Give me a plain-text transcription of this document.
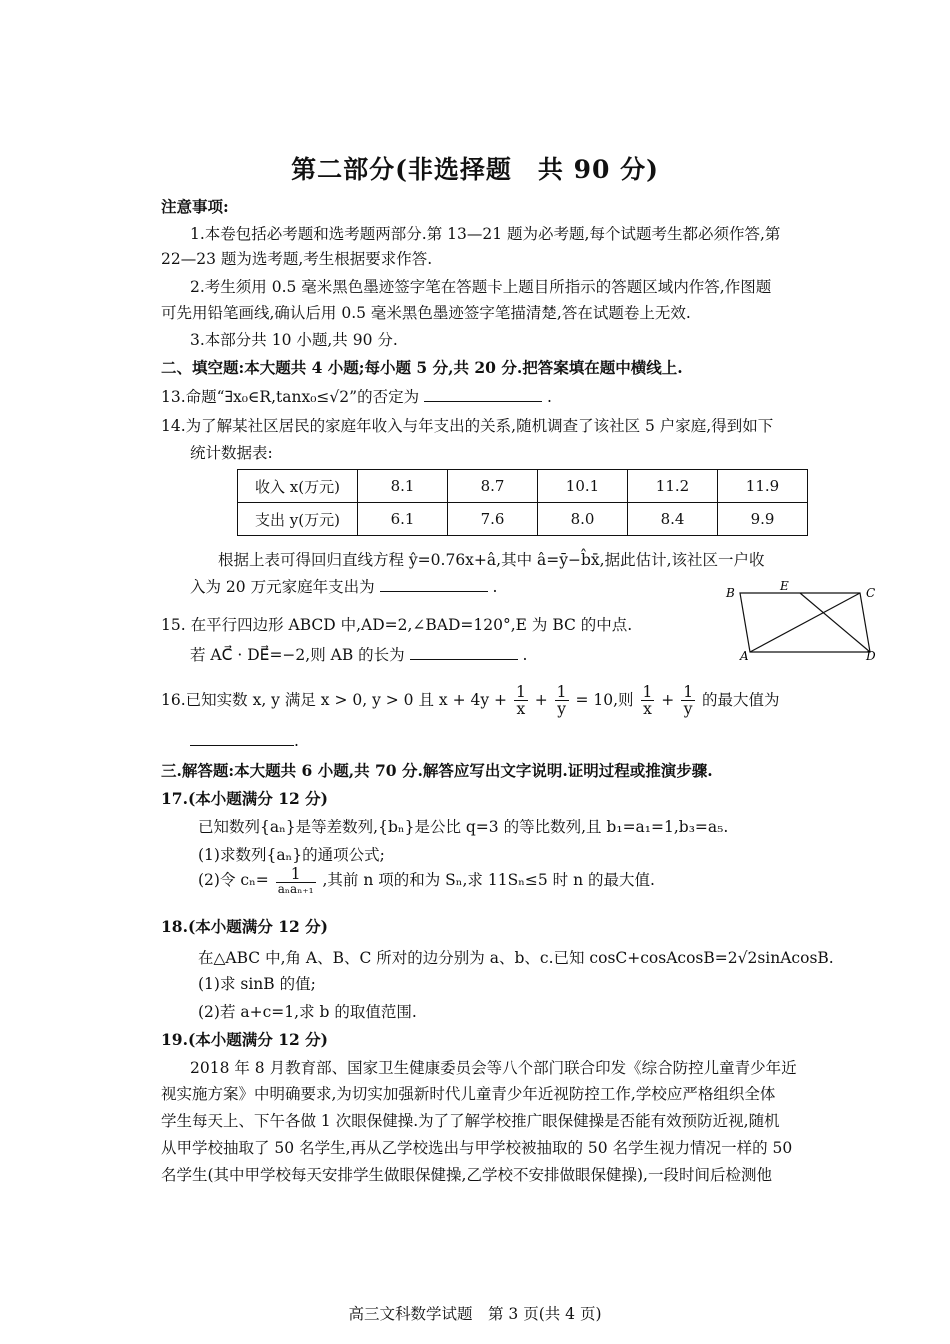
第二部分(非选择题　共 90 分)
注意事项:
1.本卷包括必考题和选考题两部分.第 13—21 题为必考题,每个试题考生都必须作答,第
22—23 题为选考题,考生根据要求作答.
2.考生须用 0.5 毫米黑色墨迹签字笔在答题卡上题目所指示的答题区域内作答,作图题
可先用铅笔画线,确认后用 0.5 毫米黑色墨迹签字笔描清楚,答在试题卷上无效.
3.本部分共 10 小题,共 90 分.
二、填空题:本大题共 4 小题;每小题 5 分,共 20 分.把答案填在题中横线上.
13.命题“∃x₀∈R,tanx₀≤√2”的否定为	.
14.为了解某社区居民的家庭年收入与年支出的关系,随机调查了该社区 5 户家庭,得到如下
统计数据表:
收入 x(万元)	8.1	8.7	10.1	11.2	11.9
支出 y(万元)	6.1	7.6	8.0	8.4	9.9
根据上表可得回归直线方程 ŷ=0.76x+â,其中 â=ȳ−b̂x̄,据此估计,该社区一户收
入为 20 万元家庭年支出为	.
15. 在平行四边形 ABCD 中,AD=2,∠BAD=120°,E 为 BC 的中点.
若 AC⃗ · DE⃗=−2,则 AB 的长为	.
B	E	C
A	D
16.已知实数 x, y 满足 x > 0, y > 0 且 $x + 4y + \frac{1}{x} + \frac{1}{y} = 10$,则 $\frac{1}{x} + \frac{1}{y}$ 的最大值为
.
三.解答题:本大题共 6 小题,共 70 分.解答应写出文字说明.证明过程或推演步骤.
17.(本小题满分 12 分)
已知数列{aₙ}是等差数列,{bₙ}是公比 q=3 的等比数列,且 b₁=a₁=1,b₃=a₅.
(1)求数列{aₙ}的通项公式;
(2)令 $c_n= \frac{1}{\text{aₙaₙ₊₁}}$ ,其前 n 项的和为 Sₙ,求 11Sₙ≤5 时 n 的最大值.
18.(本小题满分 12 分)
在△ABC 中,角 A、B、C 所对的边分别为 a、b、c.已知 cosC+cosAcosB=2√2sinAcosB.
(1)求 sinB 的值;
(2)若 a+c=1,求 b 的取值范围.
19.(本小题满分 12 分)
2018 年 8 月教育部、国家卫生健康委员会等八个部门联合印发《综合防控儿童青少年近
视实施方案》中明确要求,为切实加强新时代儿童青少年近视防控工作,学校应严格组织全体
学生每天上、下午各做 1 次眼保健操.为了了解学校推广眼保健操是否能有效预防近视,随机
从甲学校抽取了 50 名学生,再从乙学校选出与甲学校被抽取的 50 名学生视力情况一样的 50
名学生(其中甲学校每天安排学生做眼保健操,乙学校不安排做眼保健操),一段时间后检测他
高三文科数学试题　第 3 页(共 4 页)
